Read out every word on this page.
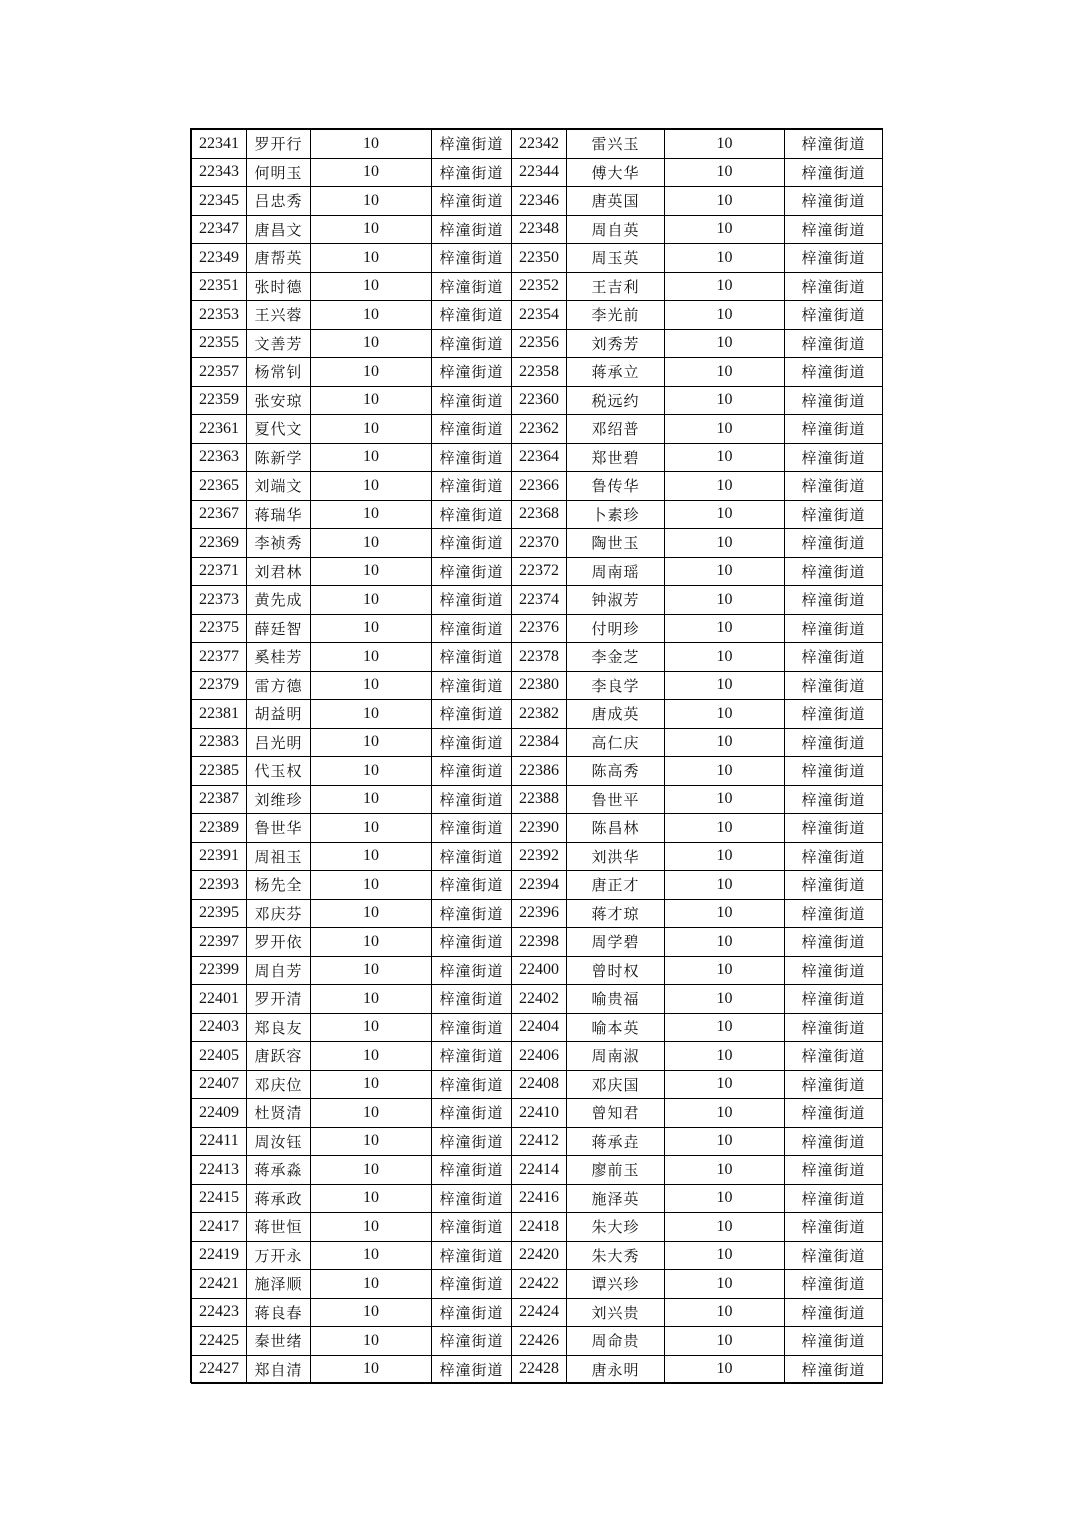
22341	罗开行	10	梓潼街道	22342	雷兴玉	10	梓潼街道
22343	何明玉	10	梓潼街道	22344	傅大华	10	梓潼街道
22345	吕忠秀	10	梓潼街道	22346	唐英国	10	梓潼街道
22347	唐昌文	10	梓潼街道	22348	周自英	10	梓潼街道
22349	唐帮英	10	梓潼街道	22350	周玉英	10	梓潼街道
22351	张时德	10	梓潼街道	22352	王吉利	10	梓潼街道
22353	王兴蓉	10	梓潼街道	22354	李光前	10	梓潼街道
22355	文善芳	10	梓潼街道	22356	刘秀芳	10	梓潼街道
22357	杨常钊	10	梓潼街道	22358	蒋承立	10	梓潼街道
22359	张安琼	10	梓潼街道	22360	税远约	10	梓潼街道
22361	夏代文	10	梓潼街道	22362	邓绍普	10	梓潼街道
22363	陈新学	10	梓潼街道	22364	郑世碧	10	梓潼街道
22365	刘端文	10	梓潼街道	22366	鲁传华	10	梓潼街道
22367	蒋瑞华	10	梓潼街道	22368	卜素珍	10	梓潼街道
22369	李祯秀	10	梓潼街道	22370	陶世玉	10	梓潼街道
22371	刘君林	10	梓潼街道	22372	周南瑶	10	梓潼街道
22373	黄先成	10	梓潼街道	22374	钟淑芳	10	梓潼街道
22375	薛廷智	10	梓潼街道	22376	付明珍	10	梓潼街道
22377	奚桂芳	10	梓潼街道	22378	李金芝	10	梓潼街道
22379	雷方德	10	梓潼街道	22380	李良学	10	梓潼街道
22381	胡益明	10	梓潼街道	22382	唐成英	10	梓潼街道
22383	吕光明	10	梓潼街道	22384	高仁庆	10	梓潼街道
22385	代玉权	10	梓潼街道	22386	陈高秀	10	梓潼街道
22387	刘维珍	10	梓潼街道	22388	鲁世平	10	梓潼街道
22389	鲁世华	10	梓潼街道	22390	陈昌林	10	梓潼街道
22391	周祖玉	10	梓潼街道	22392	刘洪华	10	梓潼街道
22393	杨先全	10	梓潼街道	22394	唐正才	10	梓潼街道
22395	邓庆芬	10	梓潼街道	22396	蒋才琼	10	梓潼街道
22397	罗开依	10	梓潼街道	22398	周学碧	10	梓潼街道
22399	周自芳	10	梓潼街道	22400	曾时权	10	梓潼街道
22401	罗开清	10	梓潼街道	22402	喻贵福	10	梓潼街道
22403	郑良友	10	梓潼街道	22404	喻本英	10	梓潼街道
22405	唐跃容	10	梓潼街道	22406	周南淑	10	梓潼街道
22407	邓庆位	10	梓潼街道	22408	邓庆国	10	梓潼街道
22409	杜贤清	10	梓潼街道	22410	曾知君	10	梓潼街道
22411	周汝钰	10	梓潼街道	22412	蒋承垚	10	梓潼街道
22413	蒋承淼	10	梓潼街道	22414	廖前玉	10	梓潼街道
22415	蒋承政	10	梓潼街道	22416	施泽英	10	梓潼街道
22417	蒋世恒	10	梓潼街道	22418	朱大珍	10	梓潼街道
22419	万开永	10	梓潼街道	22420	朱大秀	10	梓潼街道
22421	施泽顺	10	梓潼街道	22422	谭兴珍	10	梓潼街道
22423	蒋良春	10	梓潼街道	22424	刘兴贵	10	梓潼街道
22425	秦世绪	10	梓潼街道	22426	周命贵	10	梓潼街道
22427	郑自清	10	梓潼街道	22428	唐永明	10	梓潼街道
